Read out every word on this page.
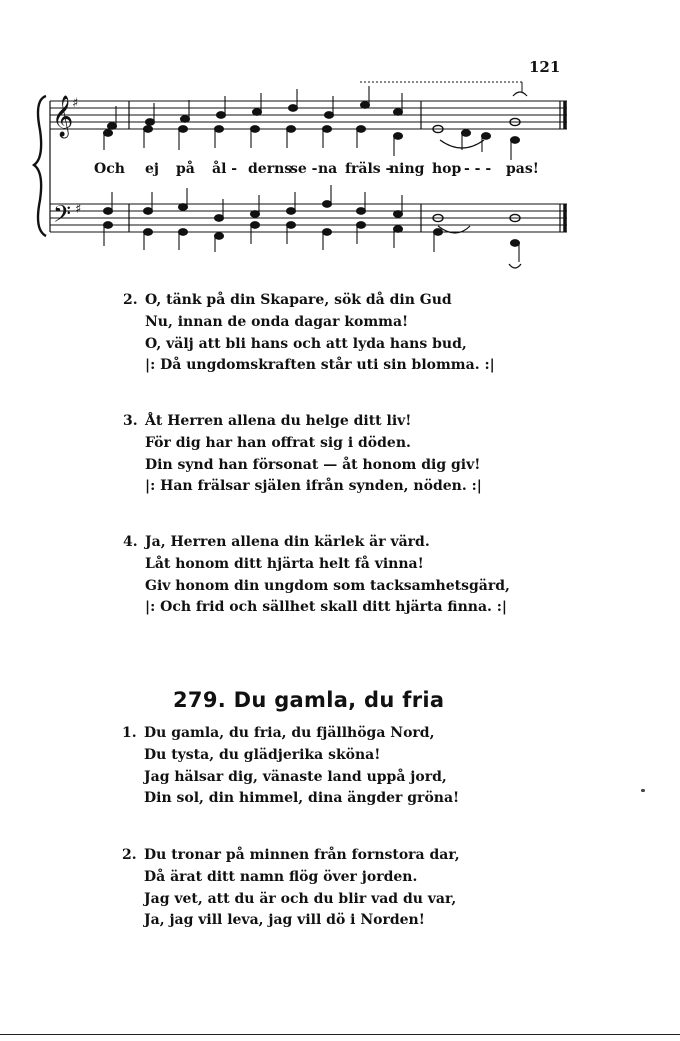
121
𝄞
♯
𝄢 ♯
Och ej på ål - derns
se - na fräls -
ning hop - - - pas!
2. O, tänk på din Skapare, sök då din Gud
Nu, innan de onda dagar komma!
O, välj att bli hans och att lyda hans bud,
|: Då ungdomskraften står uti sin blomma. :|
3. Åt Herren allena du helge ditt liv!
För dig har han offrat sig i döden.
Din synd han försonat — åt honom dig giv!
|: Han frälsar själen ifrån synden, nöden. :|
4. Ja, Herren allena din kärlek är värd.
Låt honom ditt hjärta helt få vinna!
Giv honom din ungdom som tacksamhetsgärd,
|: Och frid och sällhet skall ditt hjärta finna. :|
279. Du gamla, du fria
1. Du gamla, du fria, du fjällhöga Nord,
Du tysta, du glädjerika sköna!
Jag hälsar dig, vänaste land uppå jord,
Din sol, din himmel, dina ängder gröna!
2. Du tronar på minnen från fornstora dar,
Då ärat ditt namn flög över jorden.
Jag vet, att du är och du blir vad du var,
Ja, jag vill leva, jag vill dö i Norden!
